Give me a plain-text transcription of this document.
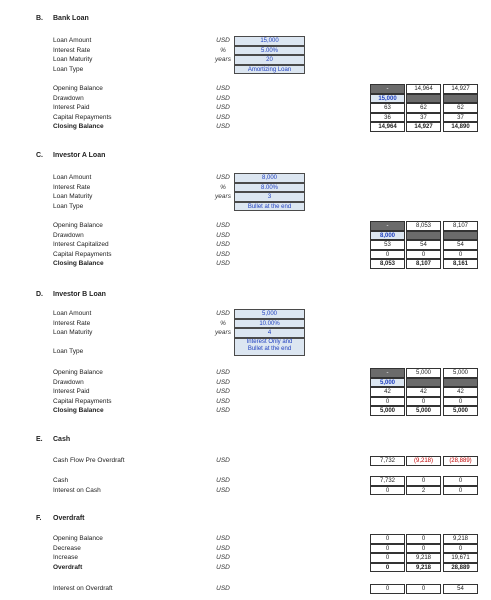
B. Bank Loan
Loan Amount	USD	15,000
Interest Rate	%	5.00%
Loan Maturity	years	20
Loan Type	Amortizing Loan
Opening Balance	USD	-	14,964	14,927
Drawdown	USD	15,000
Interest Paid	USD	63	62	62
Capital Repayments	USD	36	37	37
Closing Balance	USD	14,964	14,927	14,890
C. Investor A Loan
Loan Amount	USD	8,000
Interest Rate	%	8.00%
Loan Maturity	years	3
Loan Type	Bullet at the end
Opening Balance	USD	-	8,053	8,107
Drawdown	USD	8,000
Interest Capitalized	USD	53	54	54
Capital Repayments	USD	0	0	0
Closing Balance	USD	8,053	8,107	8,161
D. Investor B Loan
Loan Amount	USD	5,000
Interest Rate	%	10.00%
Loan Maturity	years	4
Loan Type
Interest Only and
Bullet at the end
Opening Balance	USD	-	5,000	5,000
Drawdown	USD	5,000
Interest Paid	USD	42	42	42
Capital Repayments	USD	0	0	0
Closing Balance	USD	5,000	5,000	5,000
E. Cash
Cash Flow Pre Overdraft	USD	7,732	(9,218)	(28,889)
Cash	USD	7,732	0	0
Interest on Cash	USD	0	2	0
F. Overdraft
Opening Balance	USD	0	0	9,218
Decrease	USD	0	0	0
Increase	USD	0	9,218	19,671
Overdraft	USD	0	9,218	28,889
Interest on Overdraft	USD	0	0	54
